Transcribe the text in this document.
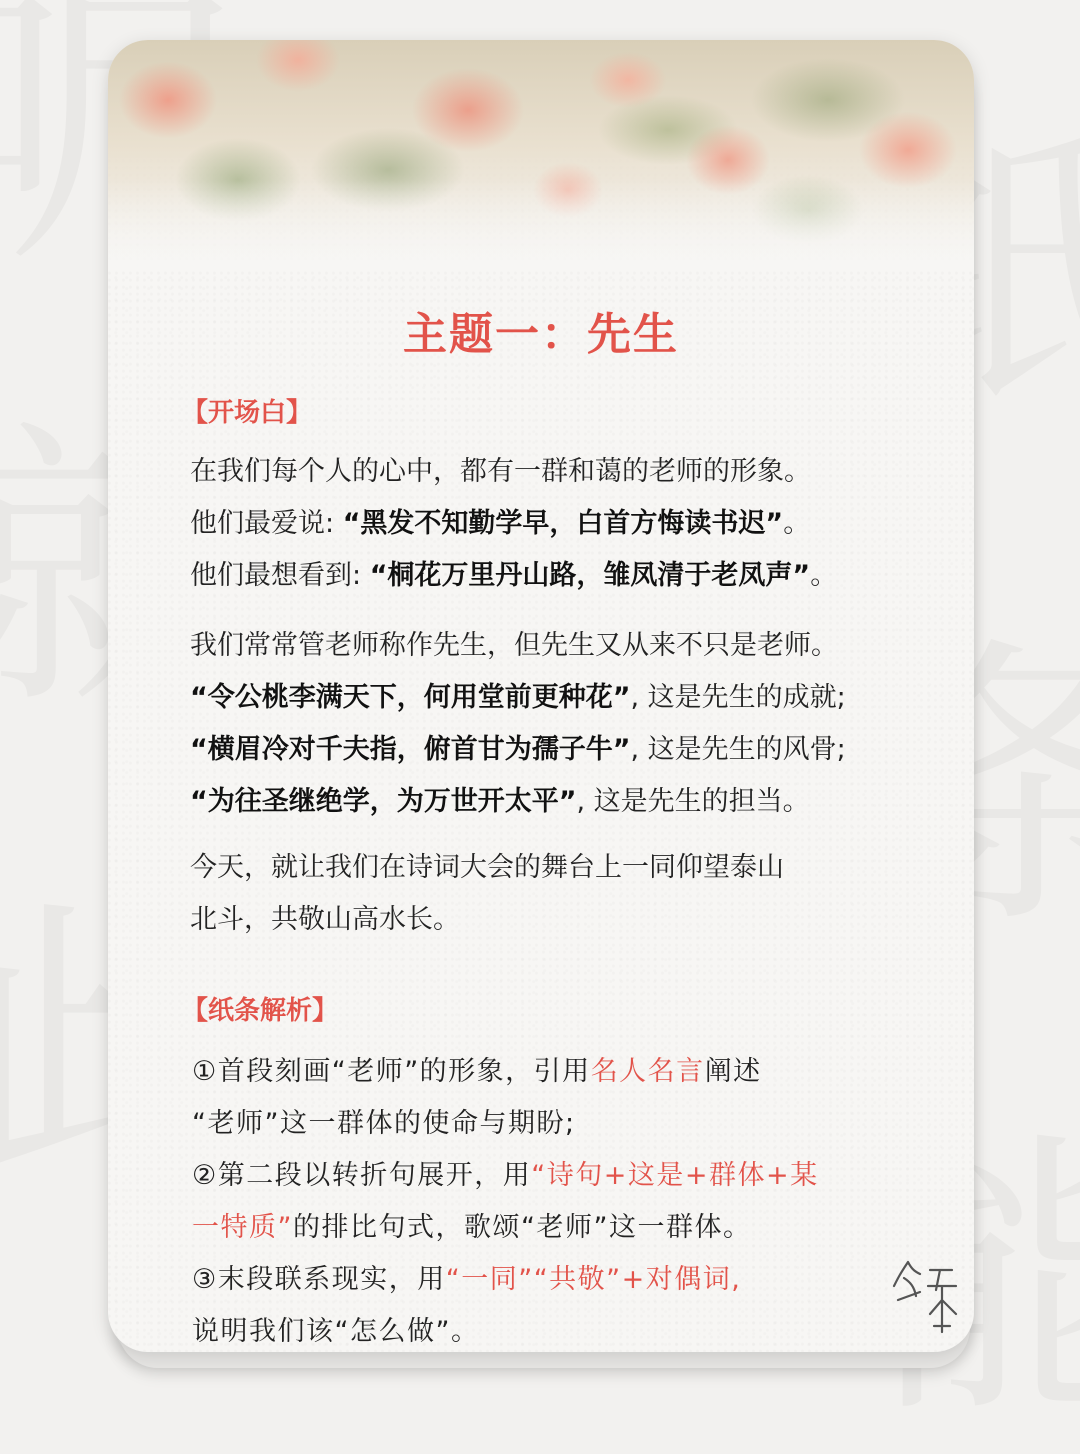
主题一：先生
【开场白】
在我们每个人的心中，都有一群和蔼的老师的形象。
他们最爱说: “黑发不知勤学早，白首方悔读书迟”。
他们最想看到: “桐花万里丹山路，雏凤清于老凤声”。
我们常常管老师称作先生，但先生又从来不只是老师。
“令公桃李满天下，何用堂前更种花”, 这是先生的成就;
“横眉冷对千夫指，俯首甘为孺子牛”, 这是先生的风骨;
“为往圣继绝学，为万世开太平”, 这是先生的担当。
今天，就让我们在诗词大会的舞台上一同仰望泰山
北斗，共敬山高水长。
【纸条解析】
①首段刻画“老师”的形象，引用名人名言阐述
“老师”这一群体的使命与期盼;
②第二段以转折句展开，用“诗句+这是+群体+某
一特质”的排比句式，歌颂“老师”这一群体。
③末段联系现实，用“一同”“共敬”+对偶词,
说明我们该“怎么做”。
